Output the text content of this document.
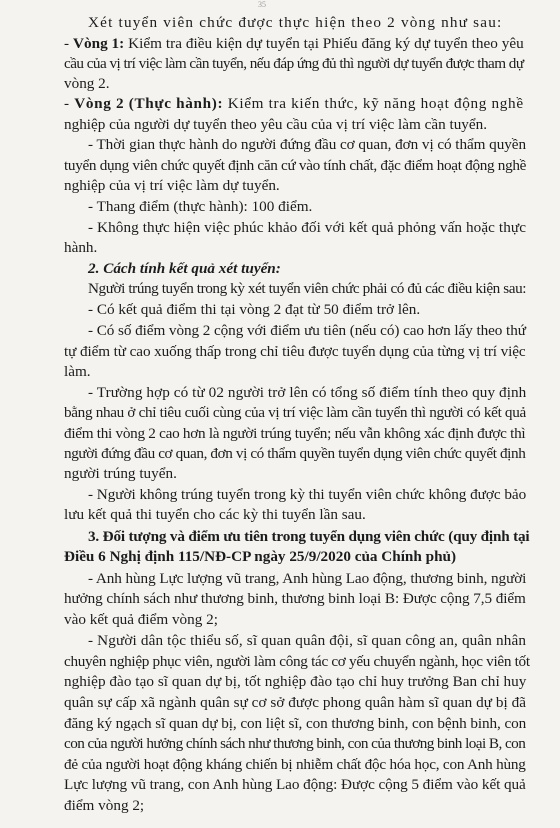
35
Xét tuyển viên chức được thực hiện theo 2 vòng như sau:
- Vòng 1: Kiểm tra điều kiện dự tuyển tại Phiếu đăng ký dự tuyển theo yêu
cầu của vị trí việc làm cần tuyển, nếu đáp ứng đủ thì người dự tuyển được tham dự
vòng 2.
- Vòng 2 (Thực hành): Kiểm tra kiến thức, kỹ năng hoạt động nghề
nghiệp của người dự tuyển theo yêu cầu của vị trí việc làm cần tuyển.
- Thời gian thực hành do người đứng đầu cơ quan, đơn vị có thẩm quyền
tuyển dụng viên chức quyết định căn cứ vào tính chất, đặc điểm hoạt động nghề
nghiệp của vị trí việc làm dự tuyển.
- Thang điểm (thực hành): 100 điểm.
- Không thực hiện việc phúc khảo đối với kết quả phỏng vấn hoặc thực
hành.
2. Cách tính kết quả xét tuyển:
Người trúng tuyển trong kỳ xét tuyển viên chức phải có đủ các điều kiện sau:
- Có kết quả điểm thi tại vòng 2 đạt từ 50 điểm trở lên.
- Có số điểm vòng 2 cộng với điểm ưu tiên (nếu có) cao hơn lấy theo thứ
tự điểm từ cao xuống thấp trong chỉ tiêu được tuyển dụng của từng vị trí việc
làm.
- Trường hợp có từ 02 người trở lên có tổng số điểm tính theo quy định
bằng nhau ở chỉ tiêu cuối cùng của vị trí việc làm cần tuyển thì người có kết quả
điểm thi vòng 2 cao hơn là người trúng tuyển; nếu vẫn không xác định được thì
người đứng đầu cơ quan, đơn vị có thẩm quyền tuyển dụng viên chức quyết định
người trúng tuyển.
- Người không trúng tuyển trong kỳ thi tuyển viên chức không được bảo
lưu kết quả thi tuyển cho các kỳ thi tuyển lần sau.
3. Đối tượng và điểm ưu tiên trong tuyển dụng viên chức (quy định tại
Điều 6 Nghị định 115/NĐ-CP ngày 25/9/2020 của Chính phủ)
- Anh hùng Lực lượng vũ trang, Anh hùng Lao động, thương binh, người
hưởng chính sách như thương binh, thương binh loại B: Được cộng 7,5 điểm
vào kết quả điểm vòng 2;
- Người dân tộc thiểu số, sĩ quan quân đội, sĩ quan công an, quân nhân
chuyên nghiệp phục viên, người làm công tác cơ yếu chuyển ngành, học viên tốt
nghiệp đào tạo sĩ quan dự bị, tốt nghiệp đào tạo chỉ huy trưởng Ban chỉ huy
quân sự cấp xã ngành quân sự cơ sở được phong quân hàm sĩ quan dự bị đã
đăng ký ngạch sĩ quan dự bị, con liệt sĩ, con thương binh, con bệnh binh, con
con của người hưởng chính sách như thương binh, con của thương binh loại B, con
đẻ của người hoạt động kháng chiến bị nhiễm chất độc hóa học, con Anh hùng
Lực lượng vũ trang, con Anh hùng Lao động: Được cộng 5 điểm vào kết quả
điểm vòng 2;
